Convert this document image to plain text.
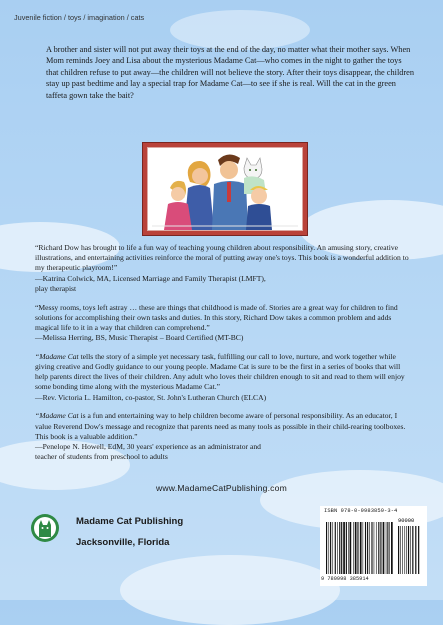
Juvenile fiction / toys / imagination / cats
A brother and sister will not put away their toys at the end of the day, no matter what their mother says. When Mom reminds Joey and Lisa about the mysterious Madame Cat—who comes in the night to gather the toys that children refuse to put away—the children will not believe the story. After their toys disappear, the children stay up past bedtime and lay a special trap for Madame Cat—to see if she is real. Will the cat in the green taffeta gown take the bait?

“Richard Dow has brought to life a fun way of teaching young children about responsibility. An amusing story, creative illustrations, and entertaining activities reinforce the moral of putting away one's toys. This book is a wonderful addition to my therapeutic playroom!”

—Katrina Colwick, MA, Licensed Marriage and Family Therapist (LMFT),

play therapist

“Messy rooms, toys left astray … these are things that childhood is made of. Stories are a great way for children to find solutions for accomplishing their own tasks and duties. In this story, Richard Dow takes a common problem and adds magical life to it in a way that children can comprehend.”

—Melissa Herring, BS, Music Therapist – Board Certified (MT-BC)

“Madame Cat tells the story of a simple yet necessary task, fulfilling our call to love, nurture, and work together while giving creative and Godly guidance to our young people. Madame Cat is sure to be the first in a series of books that will help parents direct the lives of their children. Any adult who loves their children enough to sit and read to them will enjoy some bonding time along with the mysterious Madame Cat.”

—Rev. Victoria L. Hamilton, co-pastor, St. John's Lutheran Church (ELCA)

“Madame Cat is a fun and entertaining way to help children become aware of personal responsibility. As an educator, I value Reverend Dow's message and recognize that parents need as many tools as possible in their child-rearing toolboxes. This book is a valuable addition.”

—Penelope N. Howell, EdM, 30 years' experience as an administrator and

teacher of students from preschool to adults

www.MadameCatPublishing.com
Madame Cat Publishing
Jacksonville, Florida
ISBN 978-0-9983859-3-4
90000
9 780998 385914
